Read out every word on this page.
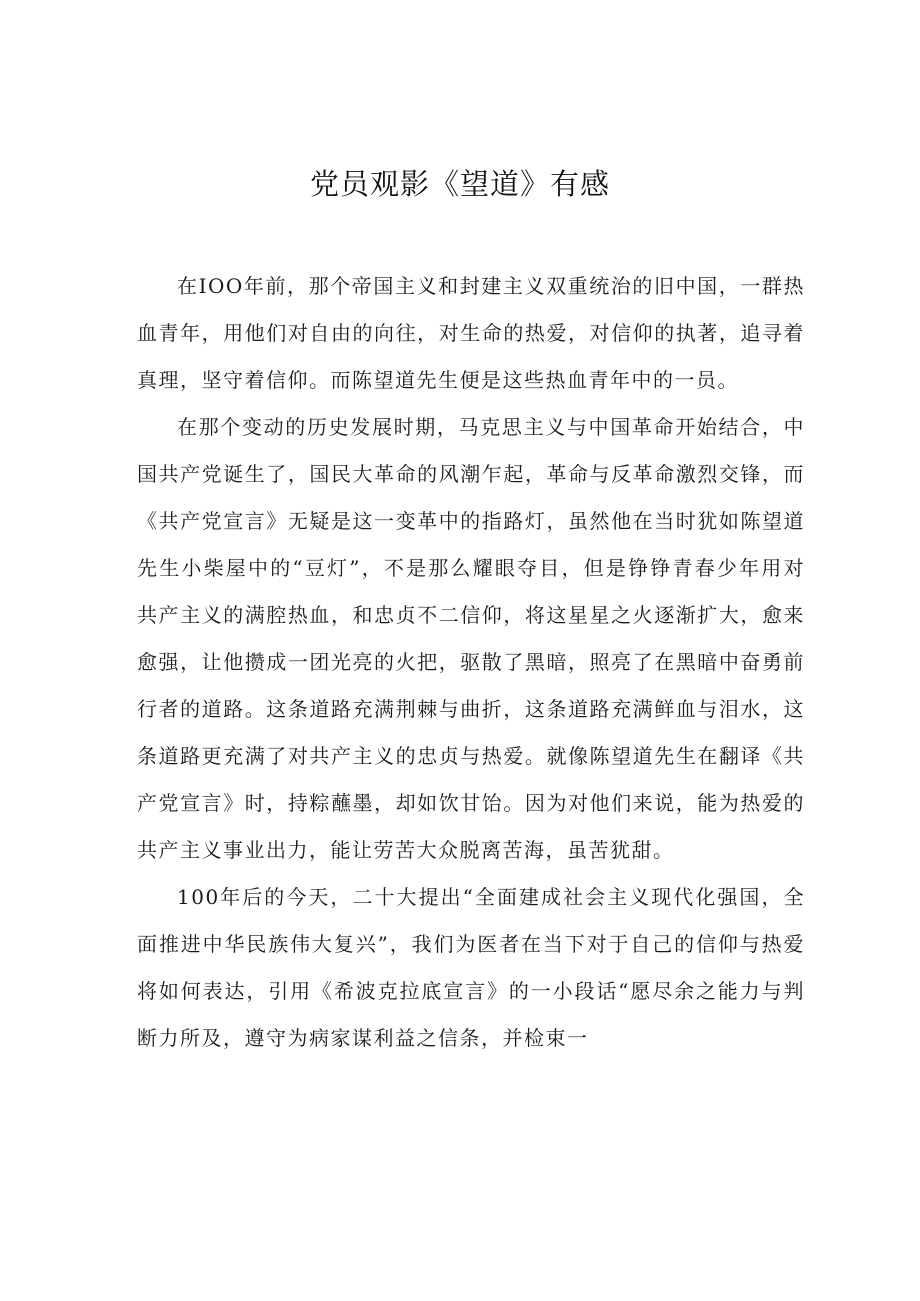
党员观影《望道》有感

在IOO年前，那个帝国主义和封建主义双重统治的旧中国，一群热血青年，用他们对自由的向往，对生命的热爱，对信仰的执著，追寻着真理，坚守着信仰。而陈望道先生便是这些热血青年中的一员。

在那个变动的历史发展时期，马克思主义与中国革命开始结合，中国共产党诞生了，国民大革命的风潮乍起，革命与反革命激烈交锋，而《共产党宣言》无疑是这一变革中的指路灯，虽然他在当时犹如陈望道先生小柴屋中的“豆灯”，不是那么耀眼夺目，但是铮铮青春少年用对共产主义的满腔热血，和忠贞不二信仰，将这星星之火逐渐扩大，愈来愈强，让他攒成一团光亮的火把，驱散了黑暗，照亮了在黑暗中奋勇前行者的道路。这条道路充满荆棘与曲折，这条道路充满鲜血与泪水，这条道路更充满了对共产主义的忠贞与热爱。就像陈望道先生在翻译《共产党宣言》时，持粽蘸墨，却如饮甘饴。因为对他们来说，能为热爱的共产主义事业出力，能让劳苦大众脱离苦海，虽苦犹甜。

100年后的今天，二十大提出“全面建成社会主义现代化强国，全面推进中华民族伟大复兴”，我们为医者在当下对于自己的信仰与热爱将如何表达，引用《希波克拉底宣言》的一小段话“愿尽余之能力与判断力所及，遵守为病家谋利益之信条，并检束一
